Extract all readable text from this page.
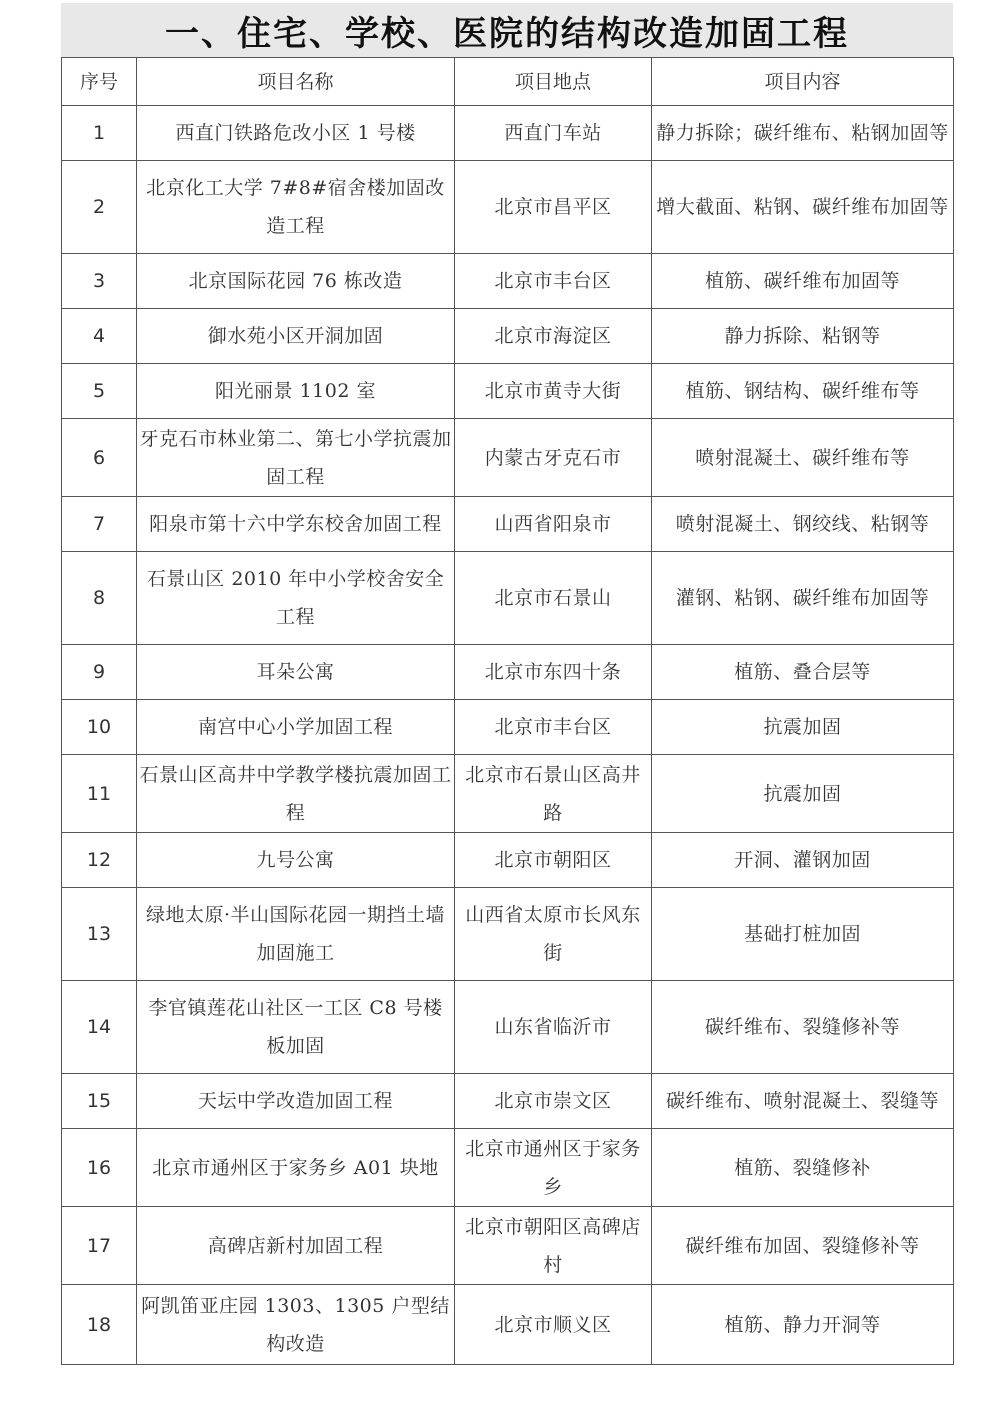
一、住宅、学校、医院的结构改造加固工程
序号	项目名称	项目地点	项目内容
1	西直门铁路危改小区 1 号楼	西直门车站	静力拆除；碳纤维布、粘钢加固等
2	北京化工大学 7#8#宿舍楼加固改造工程	北京市昌平区	增大截面、粘钢、碳纤维布加固等
3	北京国际花园 76 栋改造	北京市丰台区	植筋、碳纤维布加固等
4	御水苑小区开洞加固	北京市海淀区	静力拆除、粘钢等
5	阳光丽景 1102 室	北京市黄寺大街	植筋、钢结构、碳纤维布等
6	牙克石市林业第二、第七小学抗震加固工程	内蒙古牙克石市	喷射混凝土、碳纤维布等
7	阳泉市第十六中学东校舍加固工程	山西省阳泉市	喷射混凝土、钢绞线、粘钢等
8	石景山区 2010 年中小学校舍安全工程	北京市石景山	灌钢、粘钢、碳纤维布加固等
9	耳朵公寓	北京市东四十条	植筋、叠合层等
10	南宫中心小学加固工程	北京市丰台区	抗震加固
11	石景山区高井中学教学楼抗震加固工程	北京市石景山区高井路	抗震加固
12	九号公寓	北京市朝阳区	开洞、灌钢加固
13	绿地太原·半山国际花园一期挡土墙加固施工	山西省太原市长风东街	基础打桩加固
14	李官镇莲花山社区一工区 C8 号楼板加固	山东省临沂市	碳纤维布、裂缝修补等
15	天坛中学改造加固工程	北京市崇文区	碳纤维布、喷射混凝土、裂缝等
16	北京市通州区于家务乡 A01 块地	北京市通州区于家务乡	植筋、裂缝修补
17	高碑店新村加固工程	北京市朝阳区高碑店村	碳纤维布加固、裂缝修补等
18	阿凯笛亚庄园 1303、1305 户型结构改造	北京市顺义区	植筋、静力开洞等
